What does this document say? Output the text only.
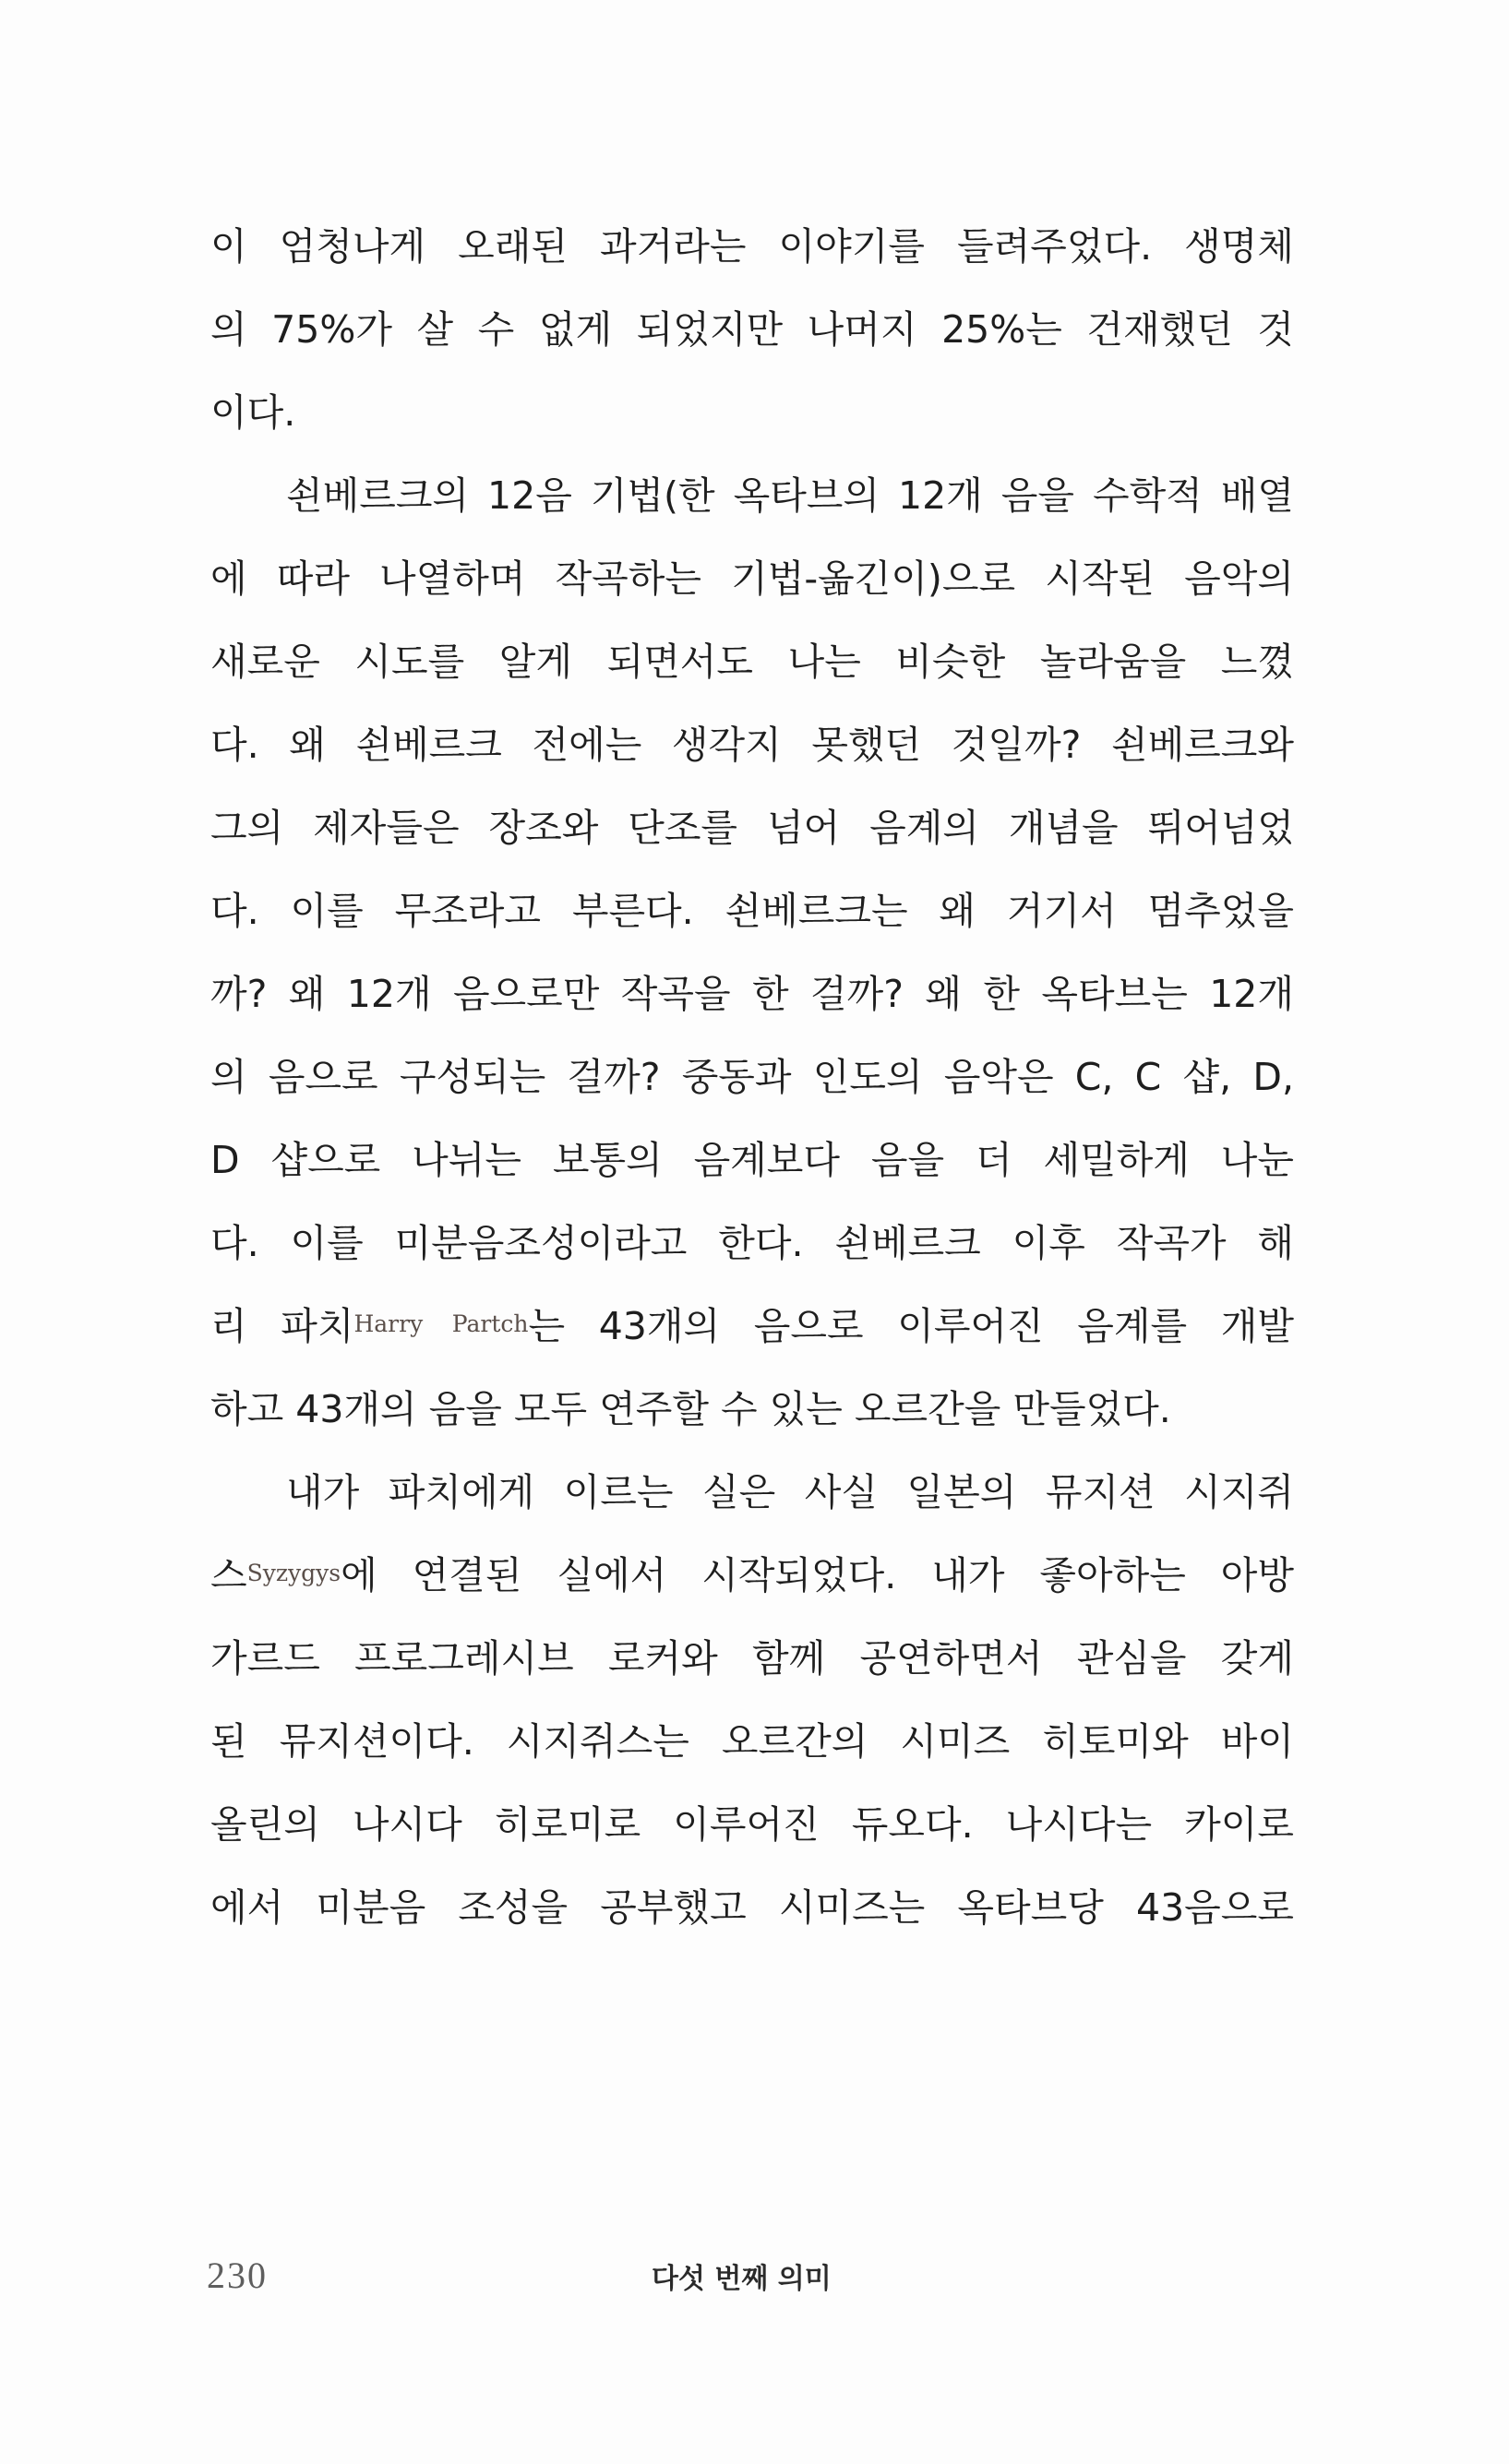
이 엄청나게 오래된 과거라는 이야기를 들려주었다. 생명체
의 75%가 살 수 없게 되었지만 나머지 25%는 건재했던 것
이다.
쇤베르크의 12음 기법(한 옥타브의 12개 음을 수학적 배열
에 따라 나열하며 작곡하는 기법-옮긴이)으로 시작된 음악의
새로운 시도를 알게 되면서도 나는 비슷한 놀라움을 느꼈
다. 왜 쇤베르크 전에는 생각지 못했던 것일까? 쇤베르크와
그의 제자들은 장조와 단조를 넘어 음계의 개념을 뛰어넘었
다. 이를 무조라고 부른다. 쇤베르크는 왜 거기서 멈추었을
까? 왜 12개 음으로만 작곡을 한 걸까? 왜 한 옥타브는 12개
의 음으로 구성되는 걸까? 중동과 인도의 음악은 C, C 샵, D,
D 샵으로 나뉘는 보통의 음계보다 음을 더 세밀하게 나눈
다. 이를 미분음조성이라고 한다. 쇤베르크 이후 작곡가 해
리 파치Harry Partch는 43개의 음으로 이루어진 음계를 개발
하고 43개의 음을 모두 연주할 수 있는 오르간을 만들었다.
내가 파치에게 이르는 실은 사실 일본의 뮤지션 시지쥐
스Syzygys에 연결된 실에서 시작되었다. 내가 좋아하는 아방
가르드 프로그레시브 로커와 함께 공연하면서 관심을 갖게
된 뮤지션이다. 시지쥐스는 오르간의 시미즈 히토미와 바이
올린의 나시다 히로미로 이루어진 듀오다. 나시다는 카이로
에서 미분음 조성을 공부했고 시미즈는 옥타브당 43음으로
230	다섯 번째 의미
